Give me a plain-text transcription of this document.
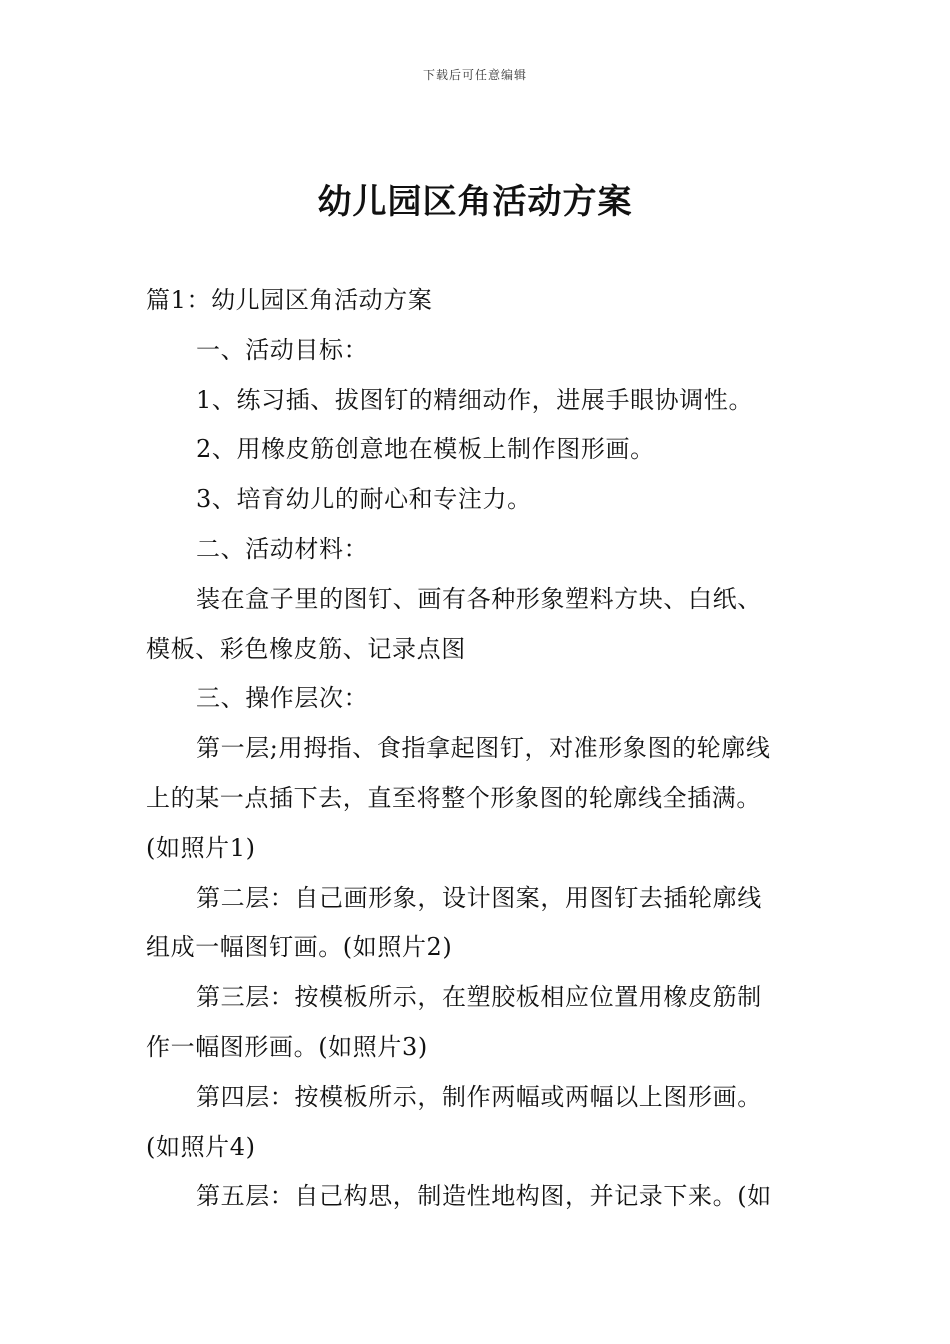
下载后可任意编辑
幼儿园区角活动方案

篇1：幼儿园区角活动方案

一、活动目标：

1、练习插、拔图钉的精细动作，进展手眼协调性。

2、用橡皮筋创意地在模板上制作图形画。

3、培育幼儿的耐心和专注力。

二、活动材料：

装在盒子里的图钉、画有各种形象塑料方块、白纸、

模板、彩色橡皮筋、记录点图

三、操作层次：

第一层;用拇指、食指拿起图钉，对准形象图的轮廓线

上的某一点插下去，直至将整个形象图的轮廓线全插满。
(如照片1)

第二层：自己画形象，设计图案，用图钉去插轮廓线

组成一幅图钉画。(如照片2)

第三层：按模板所示，在塑胶板相应位置用橡皮筋制

作一幅图形画。(如照片3)

第四层：按模板所示，制作两幅或两幅以上图形画。

(如照片4)

第五层：自己构思，制造性地构图，并记录下来。(如
